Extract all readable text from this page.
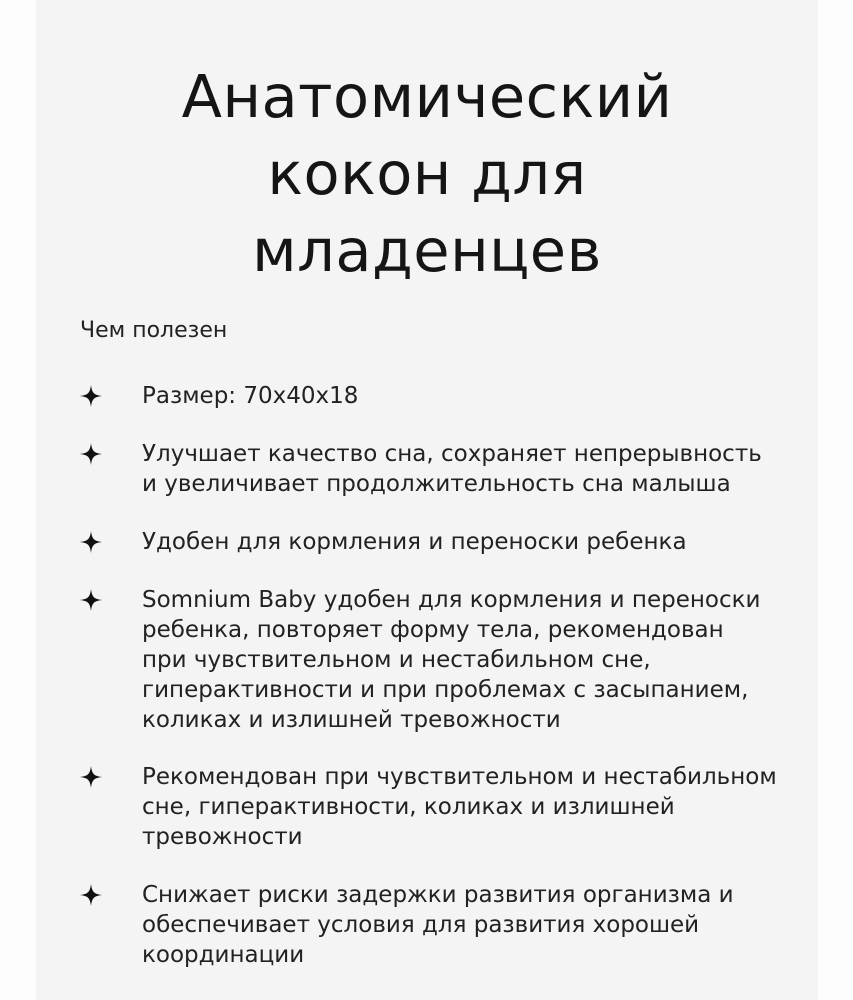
Анатомический
кокон для
младенцев

Чем полезен

Размер: 70х40х18
Улучшает качество сна, сохраняет непрерывность
и увеличивает продолжительность сна малыша
Удобен для кормления и переноски ребенка
Somnium Baby удобен для кормления и переноски
ребенка, повторяет форму тела, рекомендован
при чувствительном и нестабильном сне,
гиперактивности и при проблемах с засыпанием,
коликах и излишней тревожности
Рекомендован при чувствительном и нестабильном
сне, гиперактивности, коликах и излишней
тревожности
Снижает риски задержки развития организма и
обеспечивает условия для развития хорошей
координации
